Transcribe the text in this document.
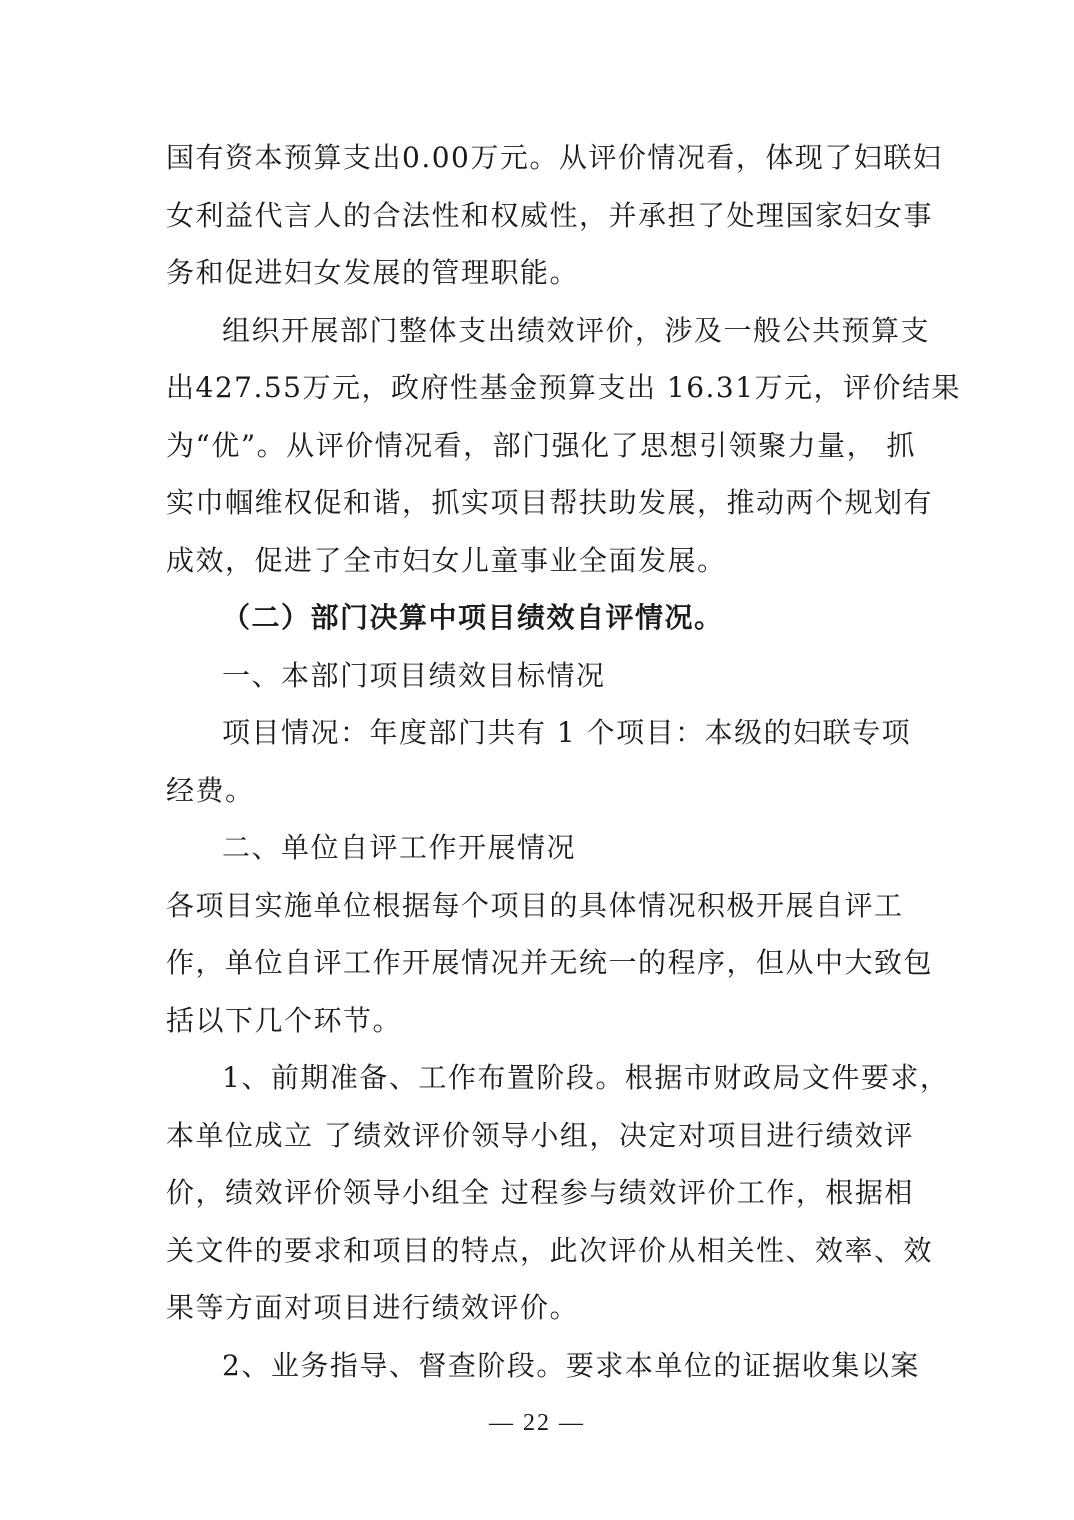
国有资本预算支出0.00万元。从评价情况看，体现了妇联妇
女利益代言人的合法性和权威性，并承担了处理国家妇女事
务和促进妇女发展的管理职能。
组织开展部门整体支出绩效评价，涉及一般公共预算支
出427.55万元，政府性基金预算支出 16.31万元，评价结果
为“优”。从评价情况看，部门强化了思想引领聚力量， 抓
实巾帼维权促和谐，抓实项目帮扶助发展，推动两个规划有
成效，促进了全市妇女儿童事业全面发展。
（二）部门决算中项目绩效自评情况。
一、本部门项目绩效目标情况
项目情况：年度部门共有 1 个项目：本级的妇联专项
经费。
二、单位自评工作开展情况
各项目实施单位根据每个项目的具体情况积极开展自评工
作，单位自评工作开展情况并无统一的程序，但从中大致包
括以下几个环节。
1、前期准备、工作布置阶段。根据市财政局文件要求，
本单位成立 了绩效评价领导小组，决定对项目进行绩效评
价，绩效评价领导小组全 过程参与绩效评价工作，根据相
关文件的要求和项目的特点，此次评价从相关性、效率、效
果等方面对项目进行绩效评价。
2、业务指导、督查阶段。要求本单位的证据收集以案
— 22 —
